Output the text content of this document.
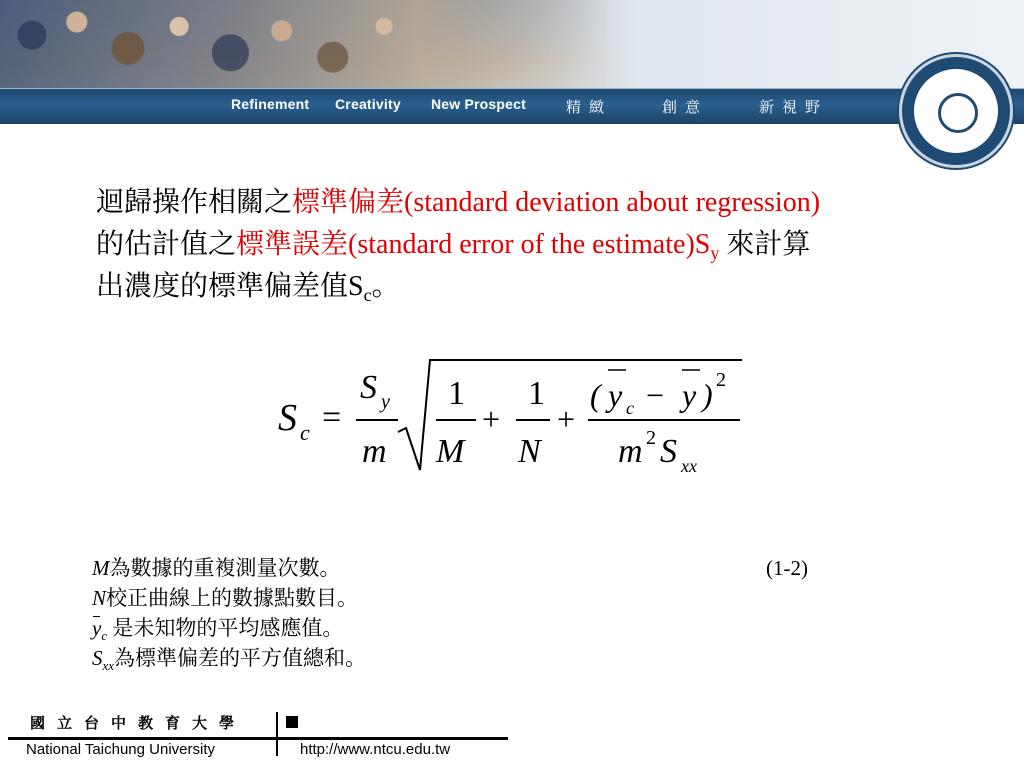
Refinement Creativity New Prospect	精緻	創意	新視野
迴歸操作相關之標準偏差(standard deviation about regression)
的估計值之標準誤差(standard error of the $estimate)S_y$ 來計算
出濃度的標準偏差值$S_c$。
S c =
S y
m
1
M
+
1
N
+
( y c − y ) 2
m 2 S xx
M為數據的重複測量次數。
N校正曲線上的數據點數目。
$y_c$ 是未知物的平均感應值。
$S_{xx}$為標準偏差的平方值總和。
(1-2)
國立台中教育大學
National Taichung University	http://www.ntcu.edu.tw
